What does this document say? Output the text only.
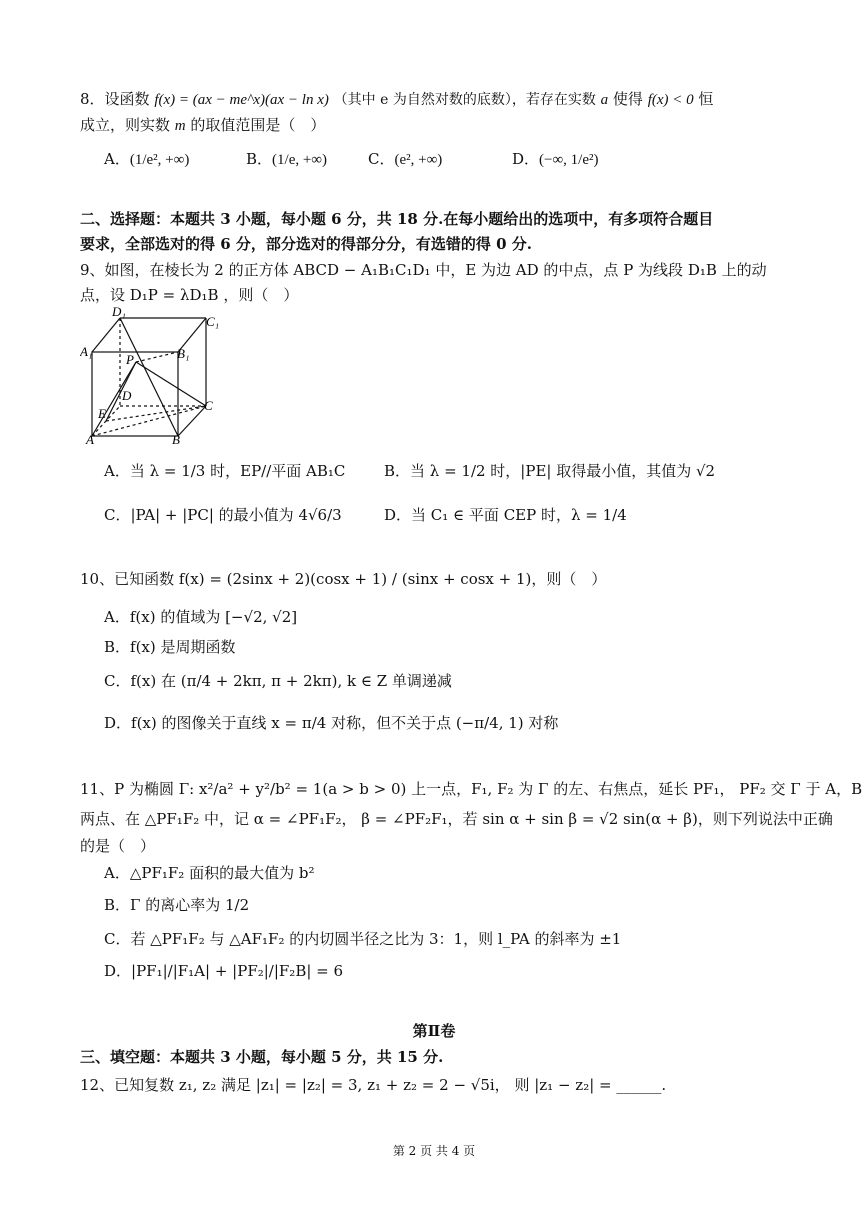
8．设函数 f(x) = (ax − me^x)(ax − ln x) （其中 e 为自然对数的底数），若存在实数 a 使得 f(x) < 0 恒
成立，则实数 m 的取值范围是（　）
A．(1/e², +∞)	B．(1/e, +∞)	C．(e², +∞)	D．(−∞, 1/e²)
二、选择题：本题共 3 小题，每小题 6 分，共 18 分.在每小题给出的选项中，有多项符合题目
要求，全部选对的得 6 分，部分选对的得部分分，有选错的得 0 分.
9、如图，在棱长为 2 的正方体 ABCD − A₁B₁C₁D₁ 中，E 为边 AD 的中点，点 P 为线段 D₁B 上的动
点，设 D₁P = λD₁B ，则（　）
D₁
C₁
A₁	B₁
P
D
C
E
A	B
A．当 λ = 1/3 时，EP//平面 AB₁C	B．当 λ = 1/2 时，|PE| 取得最小值，其值为 √2
C．|PA| + |PC| 的最小值为 4√6/3	D．当 C₁ ∈ 平面 CEP 时，λ = 1/4
10、已知函数 f(x) = (2sinx + 2)(cosx + 1) / (sinx + cosx + 1)，则（　）
A．f(x) 的值域为 [−√2, √2]
B．f(x) 是周期函数
C．f(x) 在 (π/4 + 2kπ, π + 2kπ), k ∈ Z 单调递减
D．f(x) 的图像关于直线 x = π/4 对称，但不关于点 (−π/4, 1) 对称
11、P 为椭圆 Γ: x²/a² + y²/b² = 1(a > b > 0) 上一点，F₁, F₂ 为 Γ 的左、右焦点，延长 PF₁， PF₂ 交 Γ 于 A，B
两点、在 △PF₁F₂ 中，记 α = ∠PF₁F₂， β = ∠PF₂F₁，若 sin α + sin β = √2 sin(α + β)，则下列说法中正确
的是（　）
A．△PF₁F₂ 面积的最大值为 b²
B．Γ 的离心率为 1/2
C．若 △PF₁F₂ 与 △AF₁F₂ 的内切圆半径之比为 3：1，则 l_PA 的斜率为 ±1
D．|PF₁|/|F₁A| + |PF₂|/|F₂B| = 6
第Ⅱ卷
三、填空题：本题共 3 小题，每小题 5 分，共 15 分.
12、已知复数 z₁, z₂ 满足 |z₁| = |z₂| = 3, z₁ + z₂ = 2 − √5i， 则 |z₁ − z₂| = ______.
第 2 页 共 4 页
